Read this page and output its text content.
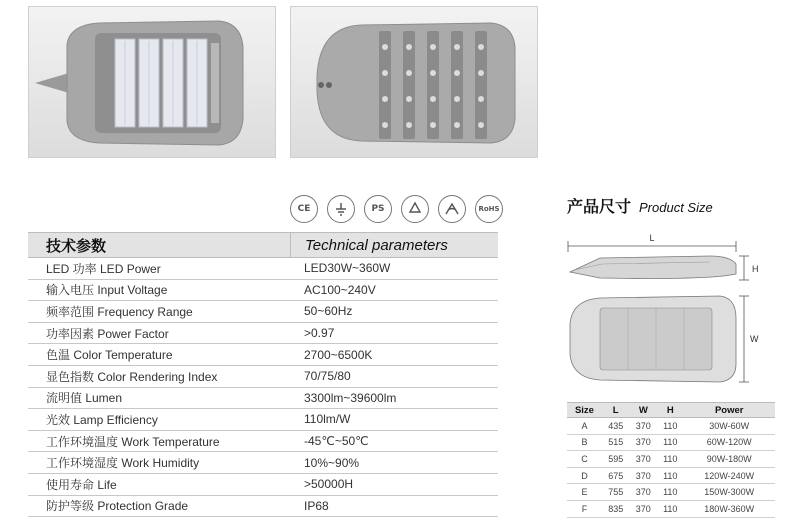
CE	PS	RoHS
技术参数	Technical parameters
LED 功率 LED Power	LED30W~360W
输入电压 Input Voltage	AC100~240V
频率范围 Frequency Range	50~60Hz
功率因素 Power Factor	>0.97
色温 Color Temperature	2700~6500K
显色指数 Color Rendering Index	70/75/80
流明值 Lumen	3300lm~39600lm
光效 Lamp Efficiency	110lm/W
工作环境温度 Work Temperature	-45℃~50℃
工作环境湿度 Work Humidity	10%~90%
使用寿命 Life	>50000H
防护等级 Protection Grade	IP68
产品尺寸 Product Size
L
H
W
Size	L	W	H	Power
A	435	370	110	30W-60W
B	515	370	110	60W-120W
C	595	370	110	90W-180W
D	675	370	110	120W-240W
E	755	370	110	150W-300W
F	835	370	110	180W-360W
